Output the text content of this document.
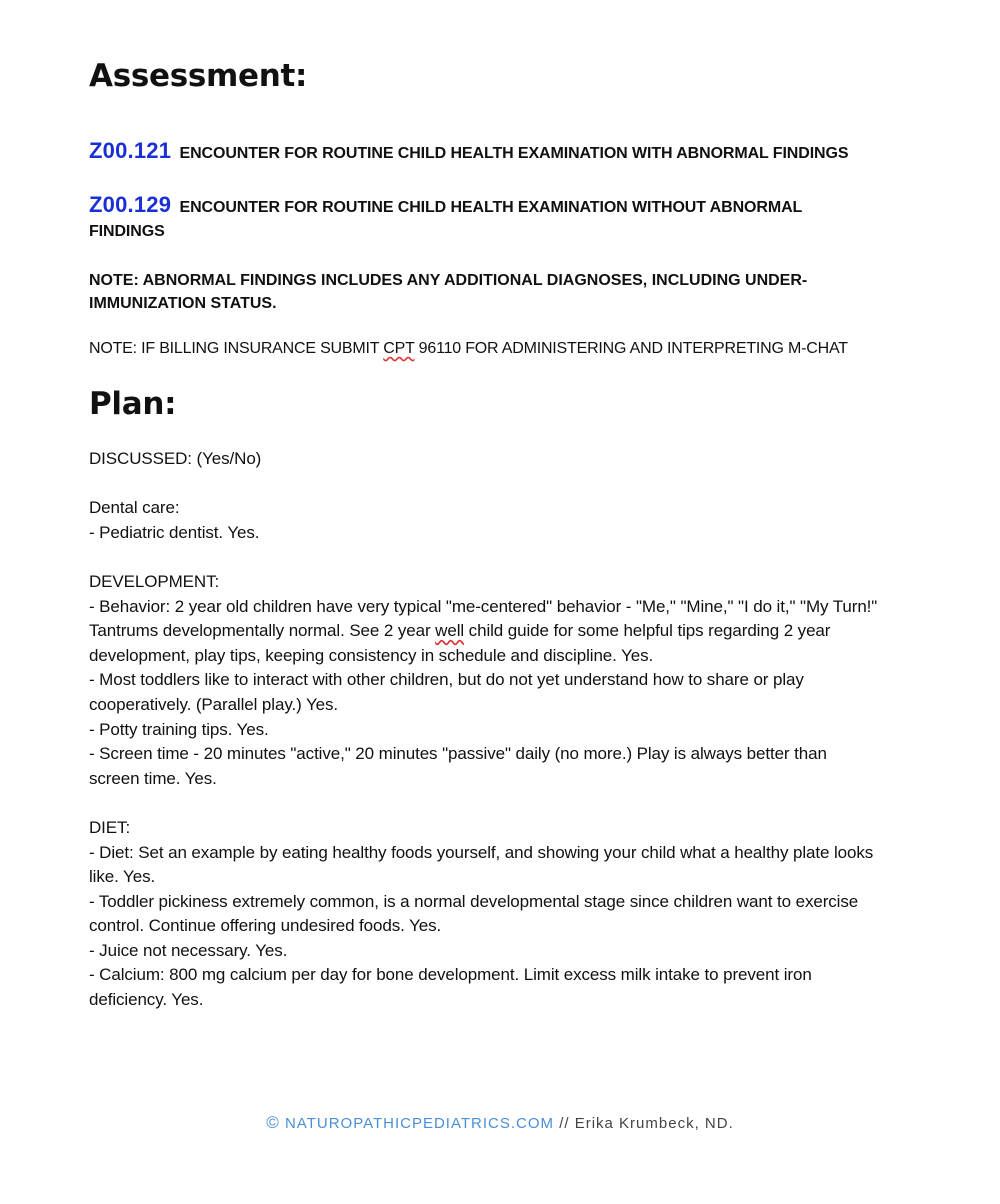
Assessment:
Z00.121 ENCOUNTER FOR ROUTINE CHILD HEALTH EXAMINATION WITH ABNORMAL FINDINGS
Z00.129 ENCOUNTER FOR ROUTINE CHILD HEALTH EXAMINATION WITHOUT ABNORMAL FINDINGS
NOTE: ABNORMAL FINDINGS INCLUDES ANY ADDITIONAL DIAGNOSES, INCLUDING UNDER-IMMUNIZATION STATUS.
NOTE: IF BILLING INSURANCE SUBMIT CPT 96110 FOR ADMINISTERING AND INTERPRETING M-CHAT
Plan:

DISCUSSED: (Yes/No)

Dental care:

- Pediatric dentist. Yes.

DEVELOPMENT:

- Behavior: 2 year old children have very typical "me-centered" behavior - "Me," "Mine," "I do it," "My Turn!" Tantrums developmentally normal. See 2 year well child guide for some helpful tips regarding 2 year development, play tips, keeping consistency in schedule and discipline. Yes.

- Most toddlers like to interact with other children, but do not yet understand how to share or play cooperatively. (Parallel play.) Yes.

- Potty training tips. Yes.

- Screen time - 20 minutes "active," 20 minutes "passive" daily (no more.) Play is always better than screen time. Yes.

DIET:

- Diet: Set an example by eating healthy foods yourself, and showing your child what a healthy plate looks like. Yes.

- Toddler pickiness extremely common, is a normal developmental stage since children want to exercise control. Continue offering undesired foods. Yes.

- Juice not necessary. Yes.

- Calcium: 800 mg calcium per day for bone development. Limit excess milk intake to prevent iron deficiency. Yes.

© NATUROPATHICPEDIATRICS.COM // Erika Krumbeck, ND.
